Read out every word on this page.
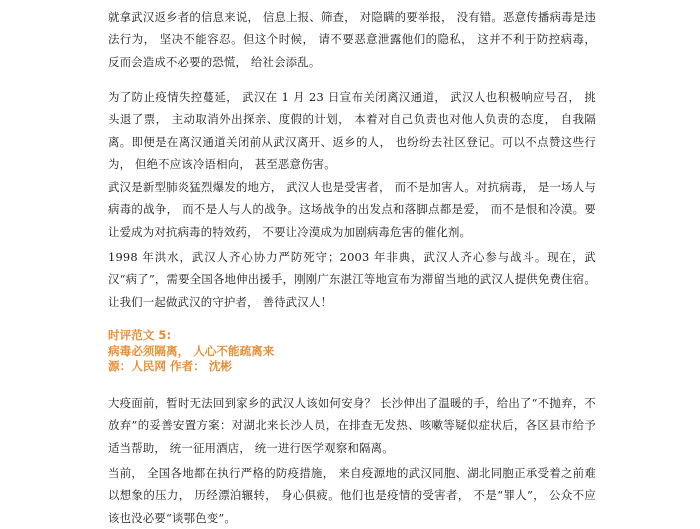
就拿武汉返乡者的信息来说， 信息上报、筛查， 对隐瞒的要举报， 没有错。恶意传播病毒是违法行为， 坚决不能容忍。但这个时候， 请不要恶意泄露他们的隐私， 这并不利于防控病毒， 反而会造成不必要的恐慌， 给社会添乱。

为了防止疫情失控蔓延， 武汉在 1 月 23 日宣布关闭离汉通道， 武汉人也积极响应号召， 挑头退了票， 主动取消外出探亲、度假的计划， 本着对自己负责也对他人负责的态度， 自我隔离。即便是在离汉通道关闭前从武汉离开、返乡的人， 也纷纷去社区登记。可以不点赞这些行为， 但绝不应该冷语相向， 甚至恶意伤害。

武汉是新型肺炎猛烈爆发的地方， 武汉人也是受害者， 而不是加害人。对抗病毒， 是一场人与病毒的战争， 而不是人与人的战争。这场战争的出发点和落脚点都是爱， 而不是恨和冷漠。要让爱成为对抗病毒的特效药， 不要让冷漠成为加剧病毒危害的催化剂。

1998 年洪水，武汉人齐心协力严防死守；2003 年非典，武汉人齐心参与战斗。现在，武汉“病了”，需要全国各地伸出援手，刚刚广东湛江等地宣布为滞留当地的武汉人提供免费住宿。让我们一起做武汉的守护者， 善待武汉人！

时评范文 5:
病毒必须隔离， 人心不能疏离来
源：人民网 作者： 沈彬

大疫面前，暂时无法回到家乡的武汉人该如何安身？ 长沙伸出了温暖的手，给出了“不抛弃，不放弃”的妥善安置方案：对湖北来长沙人员，在排查无发热、咳嗽等疑似症状后，各区县市给予适当帮助， 统一征用酒店， 统一进行医学观察和隔离。

当前， 全国各地都在执行严格的防疫措施， 来自疫源地的武汉同胞、湖北同胞正承受着之前难以想象的压力， 历经漂泊辗转， 身心俱疲。他们也是疫情的受害者， 不是“罪人”， 公众不应该也没必要“谈鄂色变”。
